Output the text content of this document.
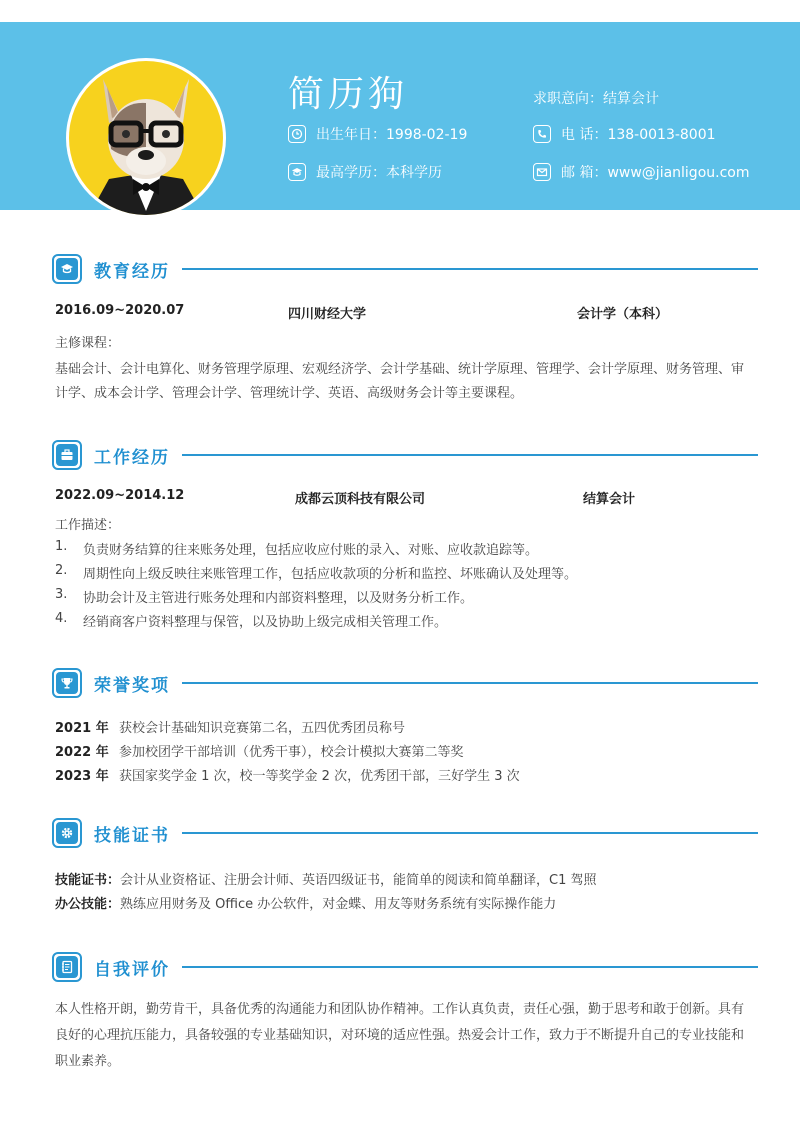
简历狗	求职意向：结算会计
出生年日：1998-02-19	电 话：138-0013-8001
最高学历：本科学历	邮 箱：www@jianligou.com
教育经历
2016.09~2020.07	四川财经大学	会计学（本科）
主修课程：
基础会计、会计电算化、财务管理学原理、宏观经济学、会计学基础、统计学原理、管理学、会计学原理、财务管理、审计学、成本会计学、管理会计学、管理统计学、英语、高级财务会计等主要课程。
工作经历
2022.09~2014.12	成都云顶科技有限公司	结算会计
工作描述：
1.	负责财务结算的往来账务处理，包括应收应付账的录入、对账、应收款追踪等。
2.	周期性向上级反映往来账管理工作，包括应收款项的分析和监控、坏账确认及处理等。
3.	协助会计及主管进行账务处理和内部资料整理，以及财务分析工作。
4.	经销商客户资料整理与保管，以及协助上级完成相关管理工作。
荣誉奖项
2021 年 获校会计基础知识竞赛第二名，五四优秀团员称号
2022 年 参加校团学干部培训（优秀干事），校会计模拟大赛第二等奖
2023 年 获国家奖学金 1 次，校一等奖学金 2 次，优秀团干部，三好学生 3 次
技能证书
技能证书：会计从业资格证、注册会计师、英语四级证书，能简单的阅读和简单翻译，C1 驾照
办公技能：熟练应用财务及 Office 办公软件，对金蝶、用友等财务系统有实际操作能力
自我评价
本人性格开朗，勤劳肯干，具备优秀的沟通能力和团队协作精神。工作认真负责，责任心强，勤于思考和敢于创新。具有良好的心理抗压能力，具备较强的专业基础知识，对环境的适应性强。热爱会计工作，致力于不断提升自己的专业技能和职业素养。
